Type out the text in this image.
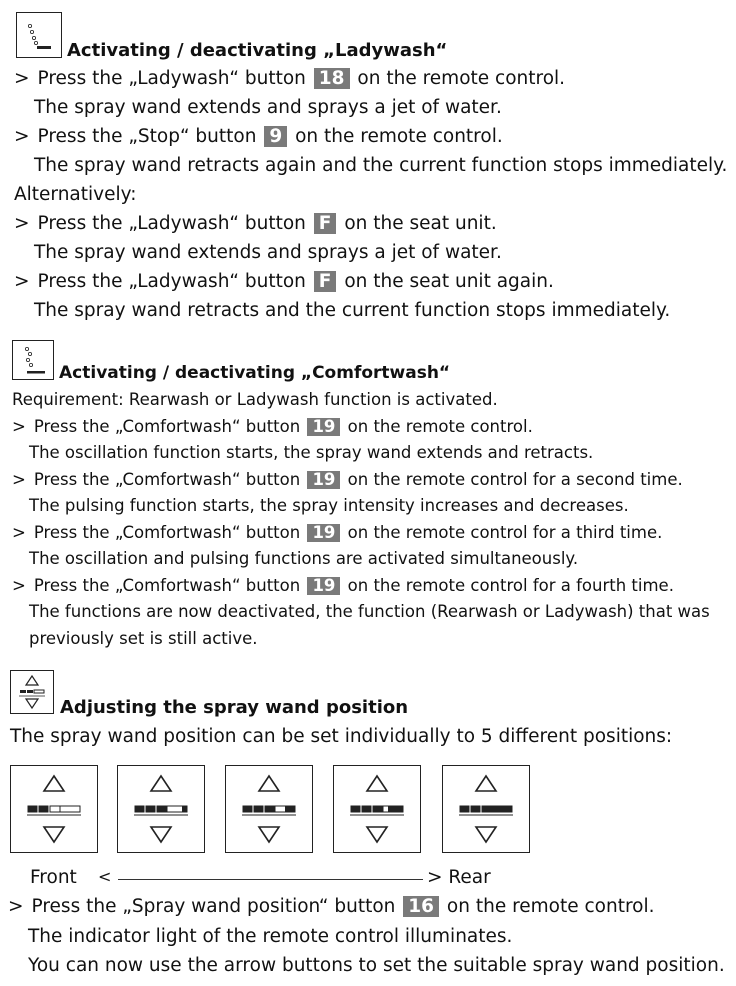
Activating / deactivating „Ladywash“
> Press the „Ladywash“ button 18 on the remote control.
The spray wand extends and sprays a jet of water.
> Press the „Stop“ button 9 on the remote control.
The spray wand retracts again and the current function stops immediately.
Alternatively:
> Press the „Ladywash“ button F on the seat unit.
The spray wand extends and sprays a jet of water.
> Press the „Ladywash“ button F on the seat unit again.
The spray wand retracts and the current function stops immediately.
Activating / deactivating „Comfortwash“
Requirement: Rearwash or Ladywash function is activated.
> Press the „Comfortwash“ button 19 on the remote control.
The oscillation function starts, the spray wand extends and retracts.
> Press the „Comfortwash“ button 19 on the remote control for a second time.
The pulsing function starts, the spray intensity increases and decreases.
> Press the „Comfortwash“ button 19 on the remote control for a third time.
The oscillation and pulsing functions are activated simultaneously.
> Press the „Comfortwash“ button 19 on the remote control for a fourth time.
The functions are now deactivated, the function (Rearwash or Ladywash) that was
previously set is still active.
Adjusting the spray wand position
The spray wand position can be set individually to 5 different positions:
Front <	> Rear
> Press the „Spray wand position“ button 16 on the remote control.
The indicator light of the remote control illuminates.
You can now use the arrow buttons to set the suitable spray wand position.
